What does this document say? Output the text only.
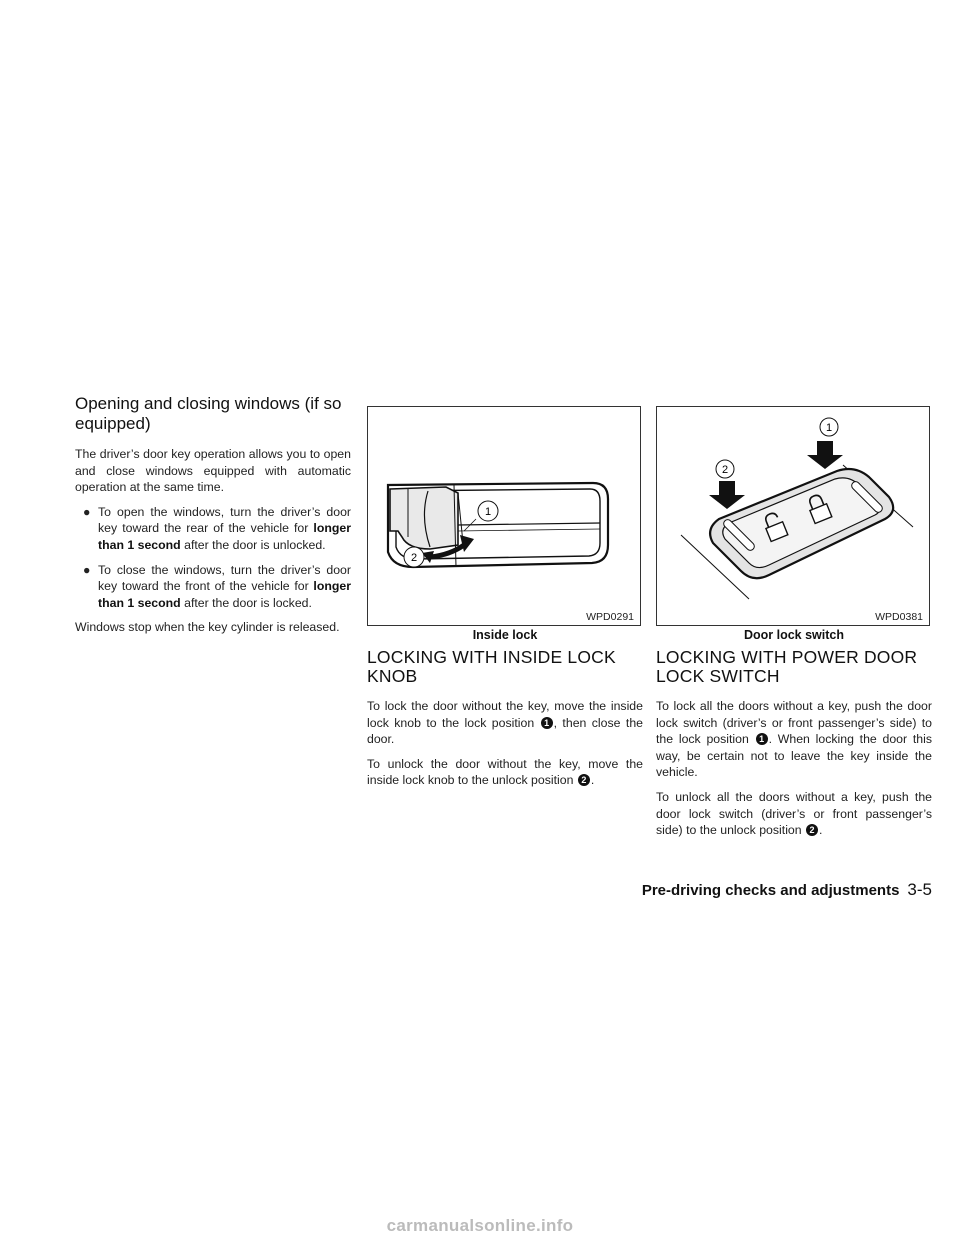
Opening and closing windows (if so equipped)

The driver’s door key operation allows you to open and close windows equipped with automatic operation at the same time.

● To open the windows, turn the driver’s door key toward the rear of the vehicle for longer than 1 second after the door is unlocked.
● To close the windows, turn the driver’s door key toward the front of the vehicle for longer than 1 second after the door is locked.

Windows stop when the key cylinder is released.

1
2
WPD0291
Inside lock
LOCKING WITH INSIDE LOCK KNOB

To lock the door without the key, move the inside lock knob to the lock position 1 , then close the door.

To unlock the door without the key, move the inside lock knob to the unlock position 2 .

1
2
WPD0381
Door lock switch
LOCKING WITH POWER DOOR LOCK SWITCH

To lock all the doors without a key, push the door lock switch (driver’s or front passenger’s side) to the lock position 1 . When locking the door this way, be certain not to leave the key inside the vehicle.

To unlock all the doors without a key, push the door lock switch (driver’s or front passenger’s side) to the unlock position 2 .

Pre-driving checks and adjustments 3-5
carmanualsonline.info
